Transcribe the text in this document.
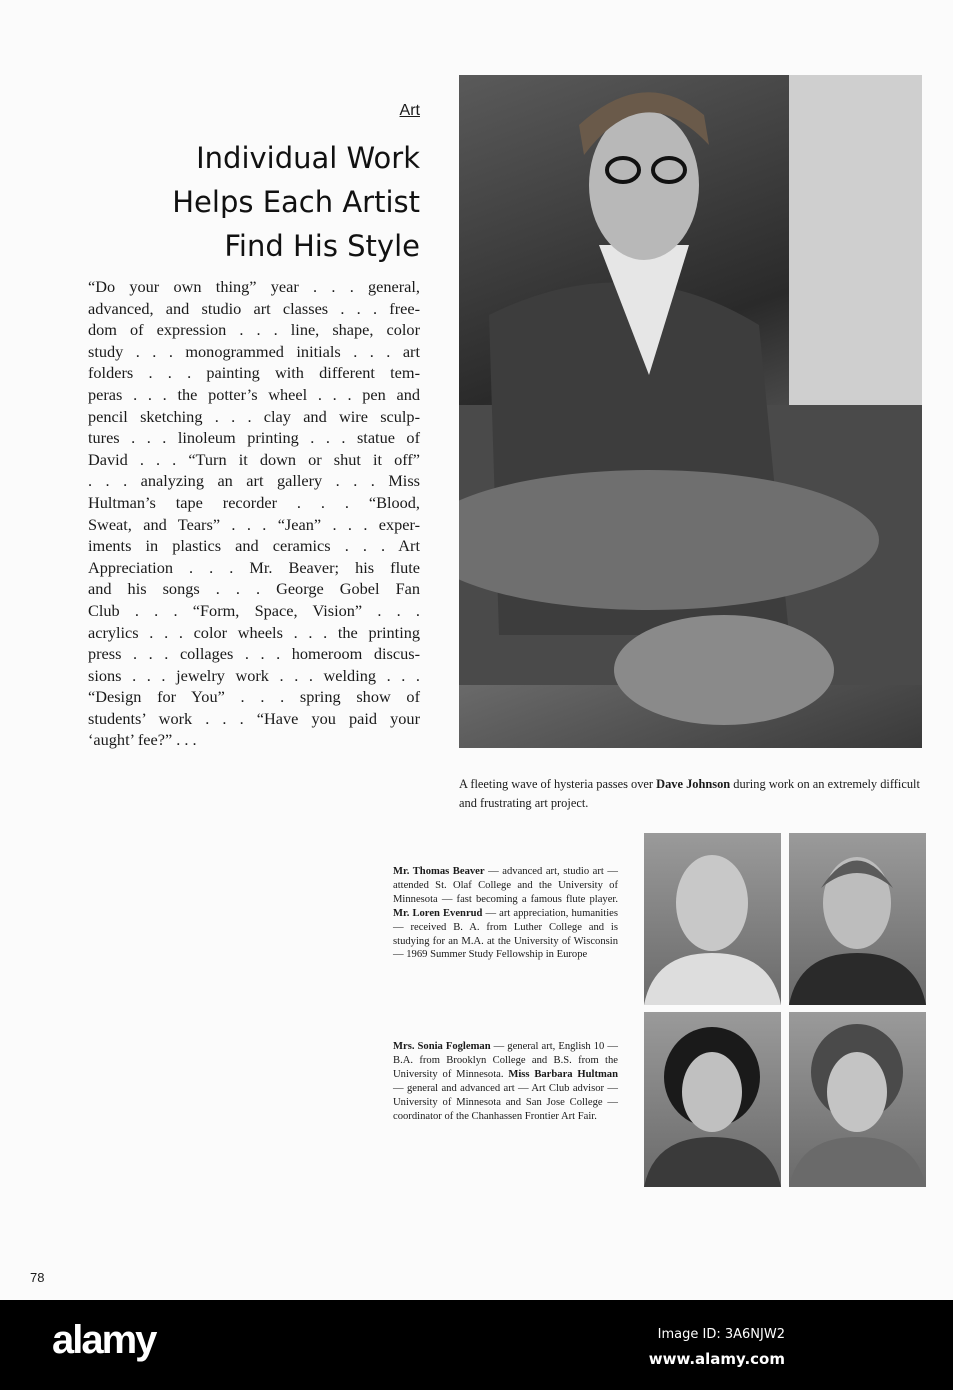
Art
Individual Work
Helps Each Artist
Find His Style
“Do your own thing” year . . . general,
advanced, and studio art classes . . . free-
dom of expression . . . line, shape, color
study . . . monogrammed initials . . . art
folders . . . painting with different tem-
peras . . . the potter’s wheel . . . pen and
pencil sketching . . . clay and wire sculp-
tures . . . linoleum printing . . . statue of
David . . . “Turn it down or shut it off”
. . . analyzing an art gallery . . . Miss
Hultman’s tape recorder . . . “Blood,
Sweat, and Tears” . . . “Jean” . . . exper-
iments in plastics and ceramics . . . Art
Appreciation . . . Mr. Beaver; his flute
and his songs . . . George Gobel Fan
Club . . . “Form, Space, Vision” . . .
acrylics . . . color wheels . . . the printing
press . . . collages . . . homeroom discus-
sions . . . jewelry work . . . welding . . .
“Design for You” . . . spring show of
students’ work . . . “Have you paid your
‘aught’ fee?” . . .
A fleeting wave of hysteria passes over Dave Johnson during work on an extremely difficult and frustrating art project.
Mr. Thomas Beaver — advanced art, studio art — attended St. Olaf College and the University of Minnesota — fast becoming a famous flute player. Mr. Loren Evenrud — art appreciation, humanities — received B. A. from Luther College and is studying for an M.A. at the University of Wisconsin — 1969 Summer Study Fellowship in Europe
Mrs. Sonia Fogleman — general art, English 10 — B.A. from Brooklyn College and B.S. from the University of Minnesota. Miss Barbara Hultman — general and advanced art — Art Club advisor — University of Minnesota and San Jose College — coordinator of the Chanhassen Frontier Art Fair.
78
alamy	Image ID: 3A6NJW2
www.alamy.com
